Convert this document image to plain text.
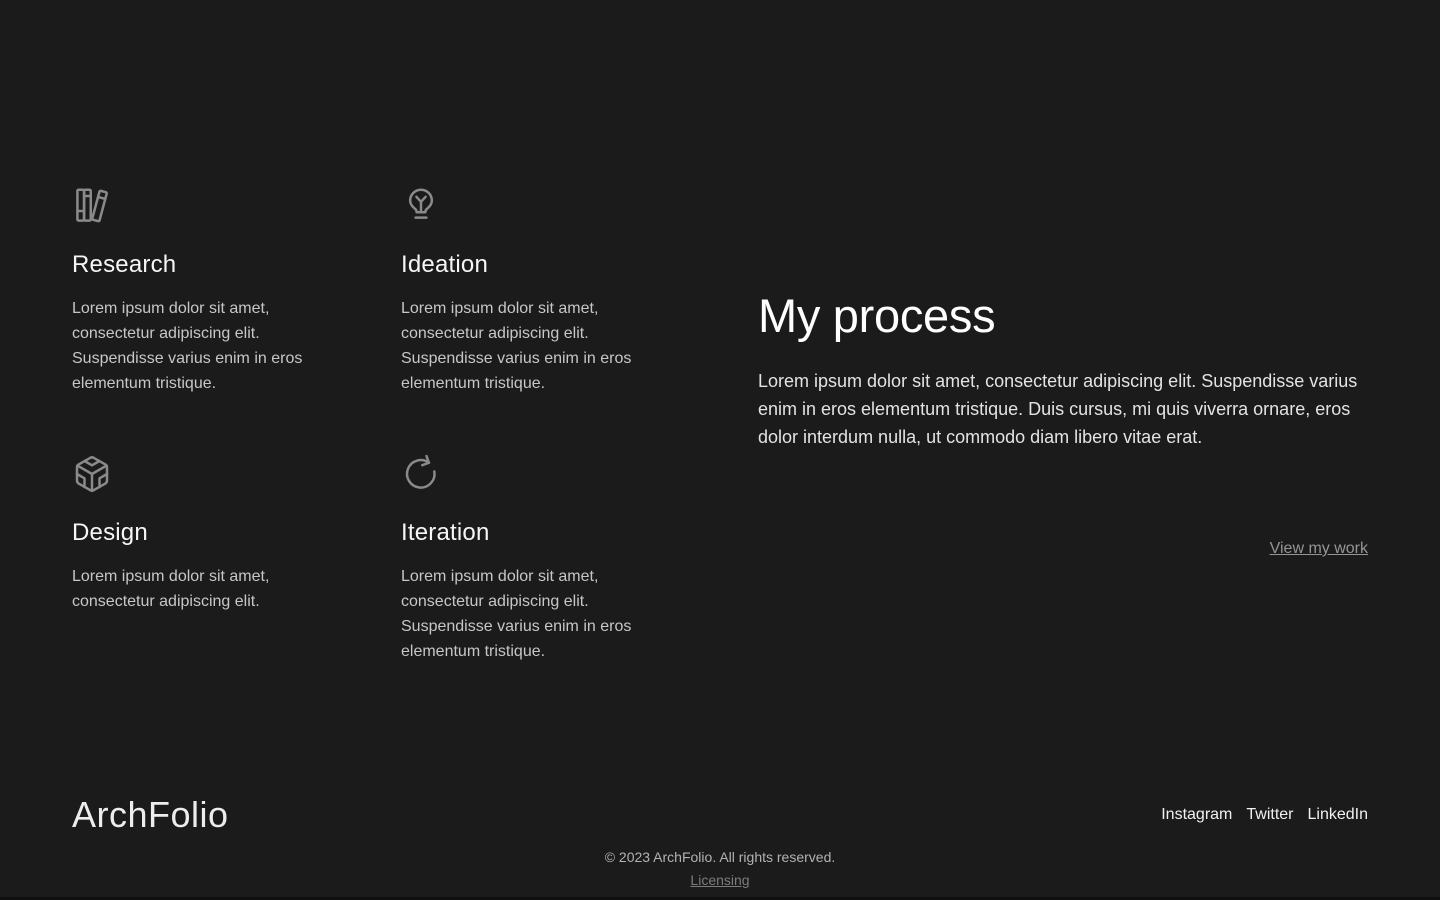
Research

Lorem ipsum dolor sit amet, consectetur adipiscing elit. Suspendisse varius enim in eros elementum tristique.

Ideation

Lorem ipsum dolor sit amet, consectetur adipiscing elit. Suspendisse varius enim in eros elementum tristique.

Design

Lorem ipsum dolor sit amet, consectetur adipiscing elit.

Iteration

Lorem ipsum dolor sit amet, consectetur adipiscing elit. Suspendisse varius enim in eros elementum tristique.

My process

Lorem ipsum dolor sit amet, consectetur adipiscing elit. Suspendisse varius enim in eros elementum tristique. Duis cursus, mi quis viverra ornare, eros dolor interdum nulla, ut commodo diam libero vitae erat.

View my work
ArchFolio	Instagram Twitter LinkedIn
© 2023 ArchFolio. All rights reserved.
Licensing
